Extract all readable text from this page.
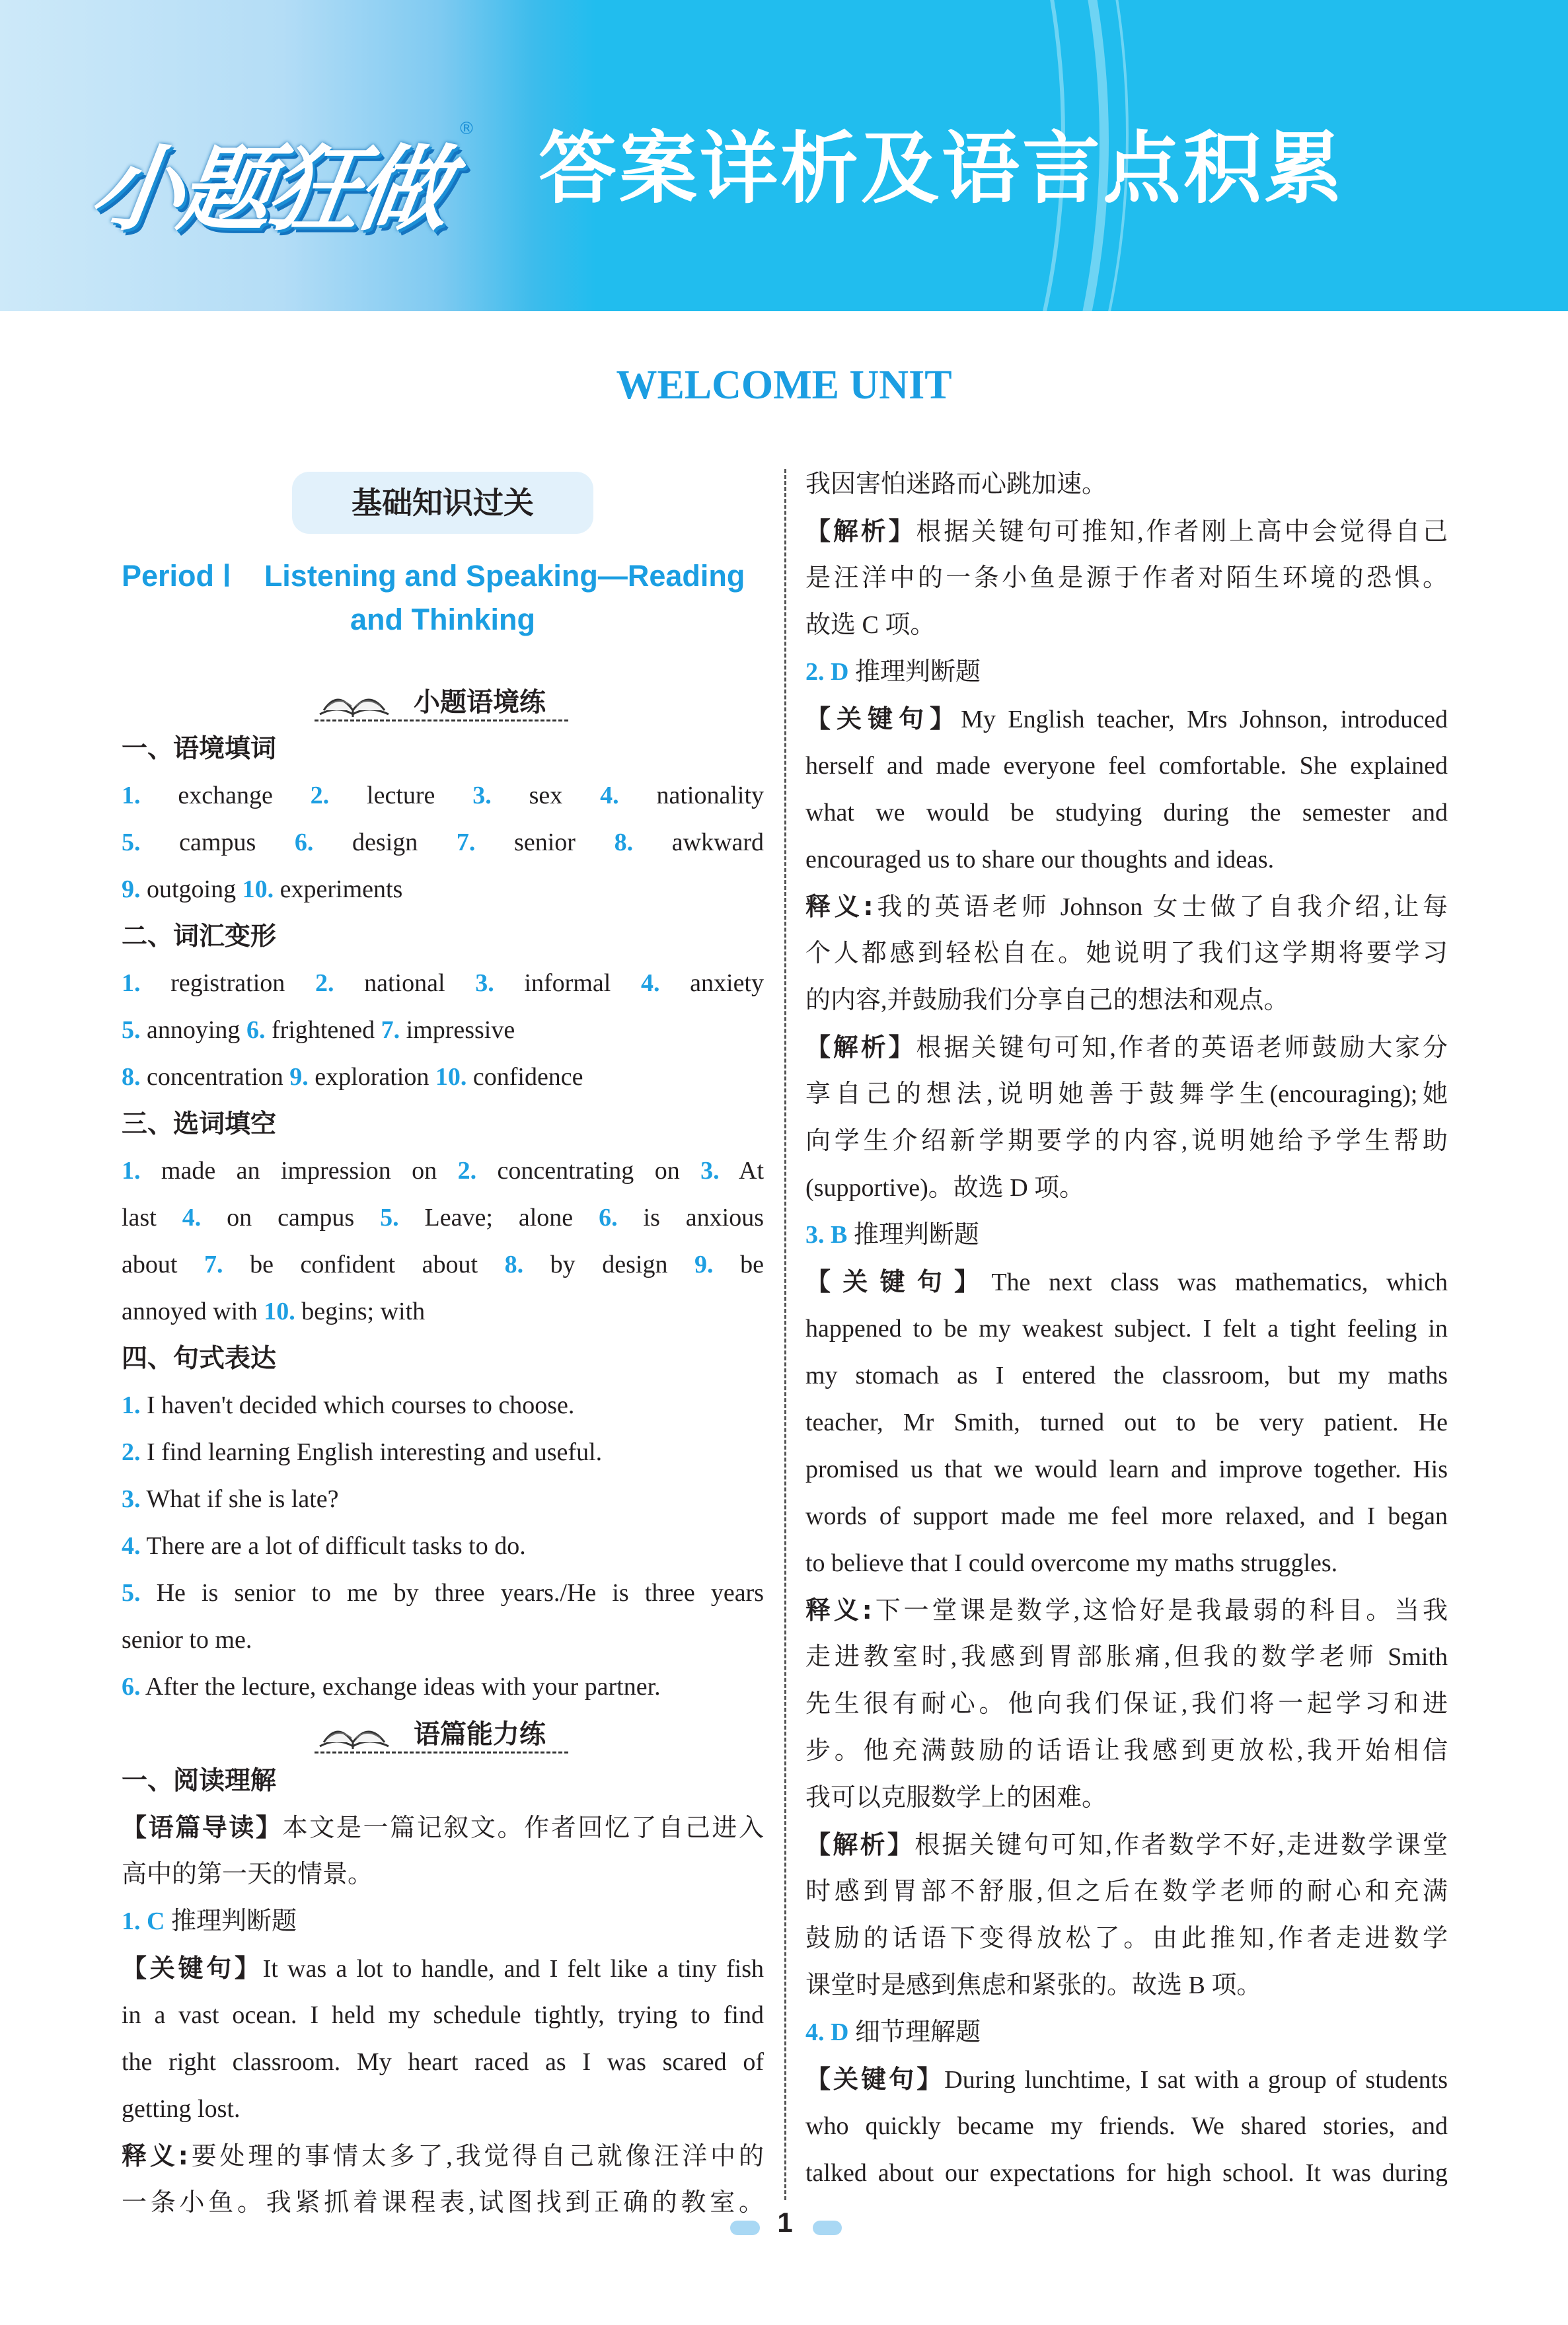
小题狂做
® 答案详析及语言点积累
WELCOME UNIT
基础知识过关
Period Ⅰ    Listening and Speaking—Reading
and Thinking
小题语境练
一、语境填词
1. exchange 2. lecture 3. sex 4. nationality
5. campus 6. design 7. senior 8. awkward
9. outgoing 10. experiments
二、词汇变形
1. registration 2. national 3. informal 4. anxiety
5. annoying 6. frightened 7. impressive
8. concentration 9. exploration 10. confidence
三、选词填空
1. made an impression on 2. concentrating on 3. At
last 4. on campus 5. Leave; alone 6. is anxious
about 7. be confident about 8. by design 9. be
annoyed with 10. begins; with
四、句式表达
1. I haven't decided which courses to choose.
2. I find learning English interesting and useful.
3. What if she is late?
4. There are a lot of difficult tasks to do.
5. He is senior to me by three years./He is three years
senior to me.
6. After the lecture, exchange ideas with your partner.
语篇能力练
一、阅读理解
【语篇导读】本文是一篇记叙文。作者回忆了自己进入
高中的第一天的情景。
1. C 推理判断题
【关键句】It was a lot to handle, and I felt like a tiny fish
in a vast ocean. I held my schedule tightly, trying to find
the right classroom. My heart raced as I was scared of
getting lost.
释义:要处理的事情太多了,我觉得自己就像汪洋中的
一条小鱼。我紧抓着课程表,试图找到正确的教室。
我因害怕迷路而心跳加速。
【解析】根据关键句可推知,作者刚上高中会觉得自己
是汪洋中的一条小鱼是源于作者对陌生环境的恐惧。
故选 C 项。
2. D 推理判断题
【关键句】My English teacher, Mrs Johnson, introduced
herself and made everyone feel comfortable. She explained
what we would be studying during the semester and
encouraged us to share our thoughts and ideas.
释义:我的英语老师 Johnson 女士做了自我介绍,让每
个人都感到轻松自在。她说明了我们这学期将要学习
的内容,并鼓励我们分享自己的想法和观点。
【解析】根据关键句可知,作者的英语老师鼓励大家分
享自己的想法,说明她善于鼓舞学生(encouraging);她
向学生介绍新学期要学的内容,说明她给予学生帮助
(supportive)。故选 D 项。
3. B 推理判断题
【关键句】The next class was mathematics, which
happened to be my weakest subject. I felt a tight feeling in
my stomach as I entered the classroom, but my maths
teacher, Mr Smith, turned out to be very patient. He
promised us that we would learn and improve together. His
words of support made me feel more relaxed, and I began
to believe that I could overcome my maths struggles.
释义:下一堂课是数学,这恰好是我最弱的科目。当我
走进教室时,我感到胃部胀痛,但我的数学老师 Smith
先生很有耐心。他向我们保证,我们将一起学习和进
步。他充满鼓励的话语让我感到更放松,我开始相信
我可以克服数学上的困难。
【解析】根据关键句可知,作者数学不好,走进数学课堂
时感到胃部不舒服,但之后在数学老师的耐心和充满
鼓励的话语下变得放松了。由此推知,作者走进数学
课堂时是感到焦虑和紧张的。故选 B 项。
4. D 细节理解题
【关键句】During lunchtime, I sat with a group of students
who quickly became my friends. We shared stories, and
talked about our expectations for high school. It was during
1
